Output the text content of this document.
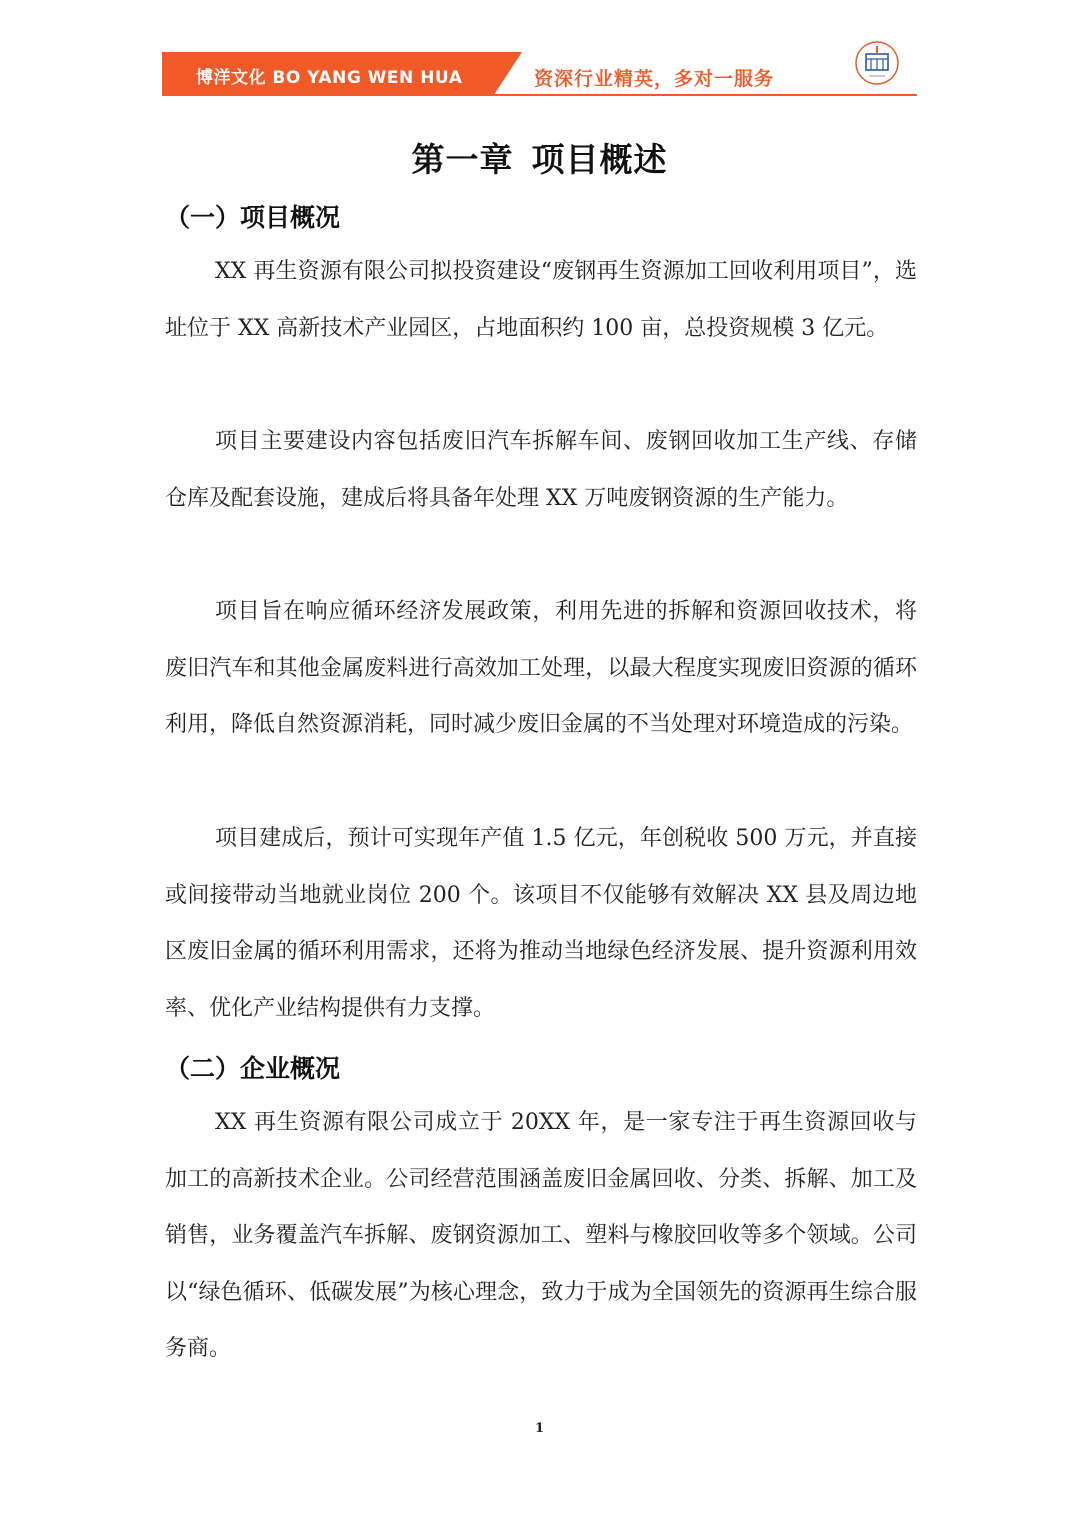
博洋文化 BO YANG WEN HUA	资深行业精英，多对一服务
第一章 项目概述
（一）项目概况

XX 再生资源有限公司拟投资建设“废钢再生资源加工回收利用项目”，选址位于 XX 高新技术产业园区，占地面积约 100 亩，总投资规模 3 亿元。

项目主要建设内容包括废旧汽车拆解车间、废钢回收加工生产线、存储仓库及配套设施，建成后将具备年处理 XX 万吨废钢资源的生产能力。

项目旨在响应循环经济发展政策，利用先进的拆解和资源回收技术，将废旧汽车和其他金属废料进行高效加工处理，以最大程度实现废旧资源的循环利用，降低自然资源消耗，同时减少废旧金属的不当处理对环境造成的污染。

项目建成后，预计可实现年产值 1.5 亿元，年创税收 500 万元，并直接或间接带动当地就业岗位 200 个。该项目不仅能够有效解决 XX 县及周边地区废旧金属的循环利用需求，还将为推动当地绿色经济发展、提升资源利用效率、优化产业结构提供有力支撑。

（二）企业概况

XX 再生资源有限公司成立于 20XX 年，是一家专注于再生资源回收与加工的高新技术企业。公司经营范围涵盖废旧金属回收、分类、拆解、加工及销售，业务覆盖汽车拆解、废钢资源加工、塑料与橡胶回收等多个领域。公司以“绿色循环、低碳发展”为核心理念，致力于成为全国领先的资源再生综合服务商。

1
